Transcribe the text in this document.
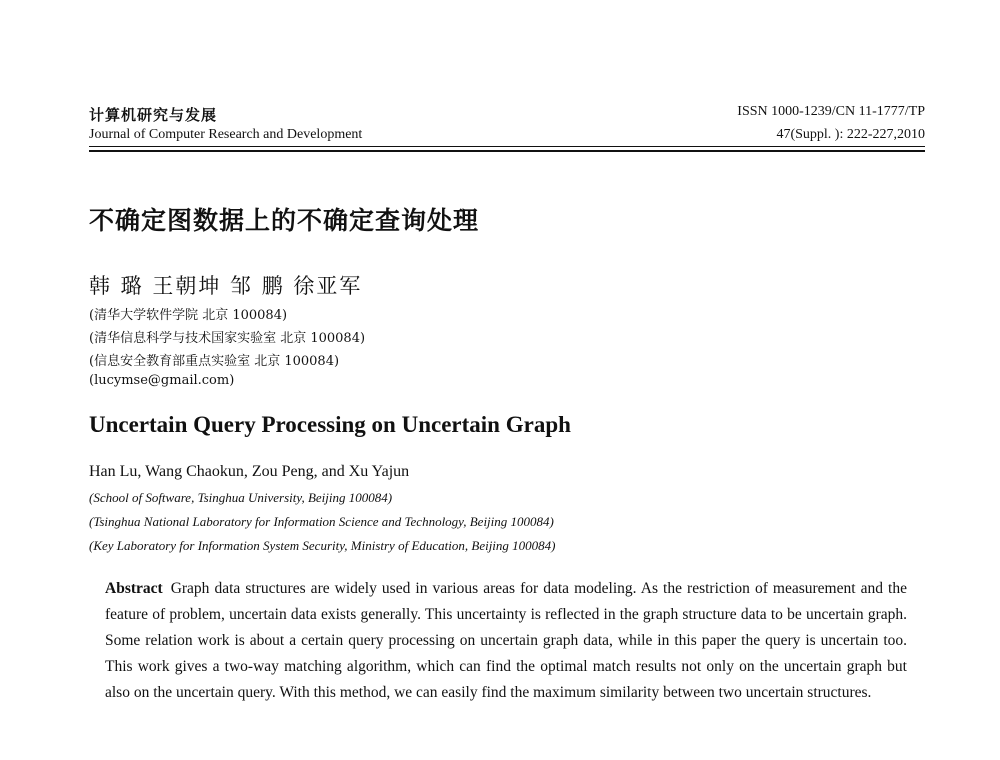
计算机研究与发展
Journal of Computer Research and Development
ISSN 1000-1239/CN 11-1777/TP
47(Suppl. ): 222-227,2010
不确定图数据上的不确定查询处理
韩 璐 王朝坤 邹 鹏 徐亚军
(清华大学软件学院 北京 100084)
(清华信息科学与技术国家实验室 北京 100084)
(信息安全教育部重点实验室 北京 100084)
(lucymse@gmail.com)
Uncertain Query Processing on Uncertain Graph
Han Lu, Wang Chaokun, Zou Peng, and Xu Yajun
(School of Software, Tsinghua University, Beijing 100084)
(Tsinghua National Laboratory for Information Science and Technology, Beijing 100084)
(Key Laboratory for Information System Security, Ministry of Education, Beijing 100084)
Abstract Graph data structures are widely used in various areas for data modeling. As the restriction of measurement and the feature of problem, uncertain data exists generally. This uncertainty is reflected in the graph structure data to be uncertain graph. Some relation work is about a certain query processing on uncertain graph data, while in this paper the query is uncertain too. This work gives a two-way matching algorithm, which can find the optimal match results not only on the uncertain graph but also on the uncertain query. With this method, we can easily find the maximum similarity between two uncertain structures.
